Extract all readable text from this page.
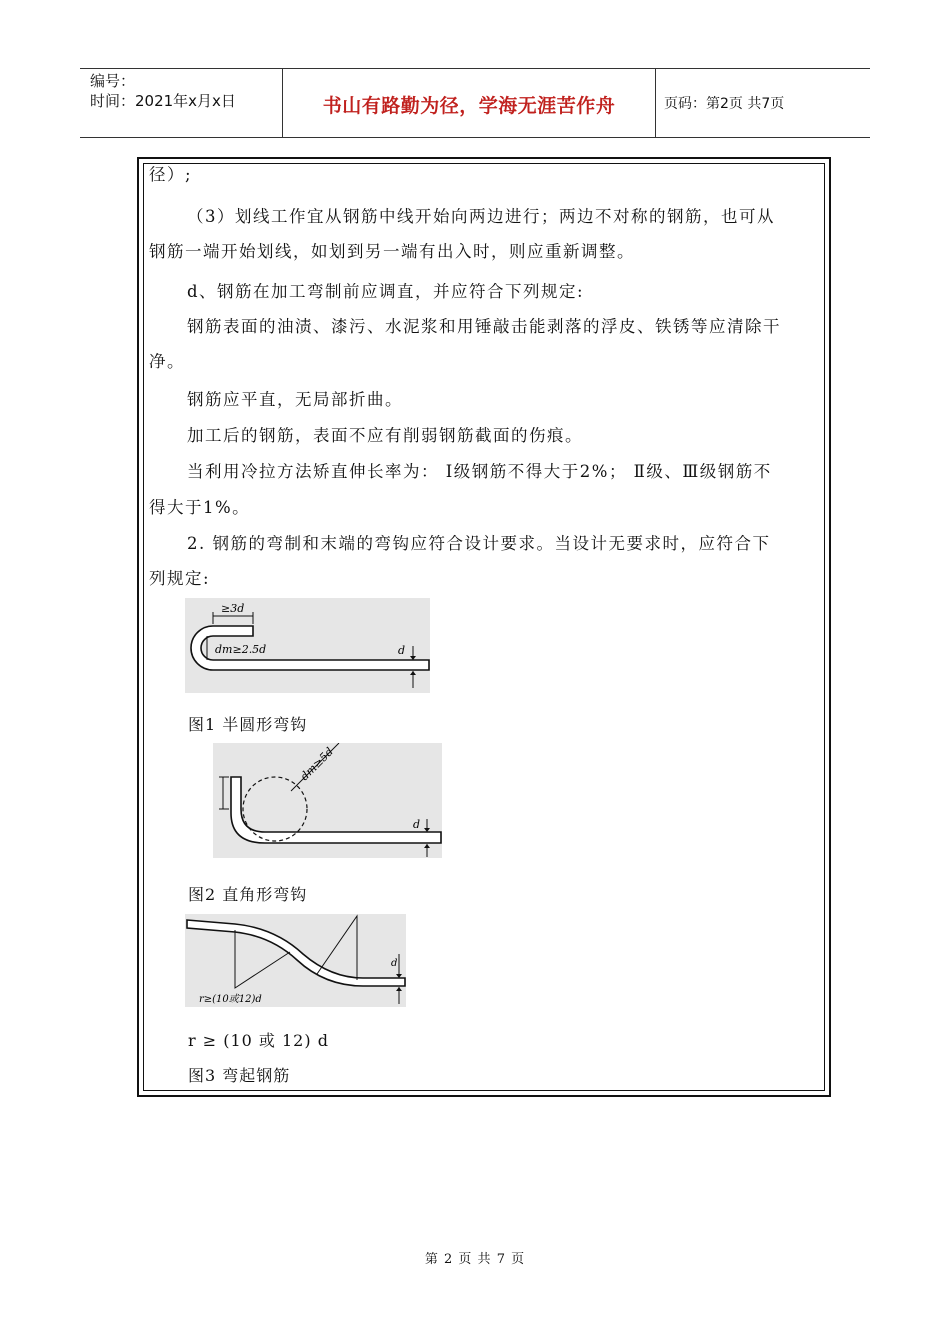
编号：
时间：2021年x月x日	书山有路勤为径，学海无涯苦作舟	页码：第2页 共7页
径）;
（3）划线工作宜从钢筋中线开始向两边进行；两边不对称的钢筋，也可从
钢筋一端开始划线，如划到另一端有出入时，则应重新调整。
d、钢筋在加工弯制前应调直，并应符合下列规定:
钢筋表面的油渍、漆污、水泥浆和用锤敲击能剥落的浮皮、铁锈等应清除干
净。
钢筋应平直，无局部折曲。
加工后的钢筋，表面不应有削弱钢筋截面的伤痕。
当利用冷拉方法矫直伸长率为： Ⅰ级钢筋不得大于2%； Ⅱ级、Ⅲ级钢筋不
得大于1%。
2. 钢筋的弯制和末端的弯钩应符合设计要求。当设计无要求时，应符合下
列规定:
≥3d
dm≥2.5d	d
图1 半圆形弯钩
dm≥5d
d
图2 直角形弯钩
d
r≥(10或12)d
r ≥ (10 或 12) d
图3 弯起钢筋
第 2 页 共 7 页
